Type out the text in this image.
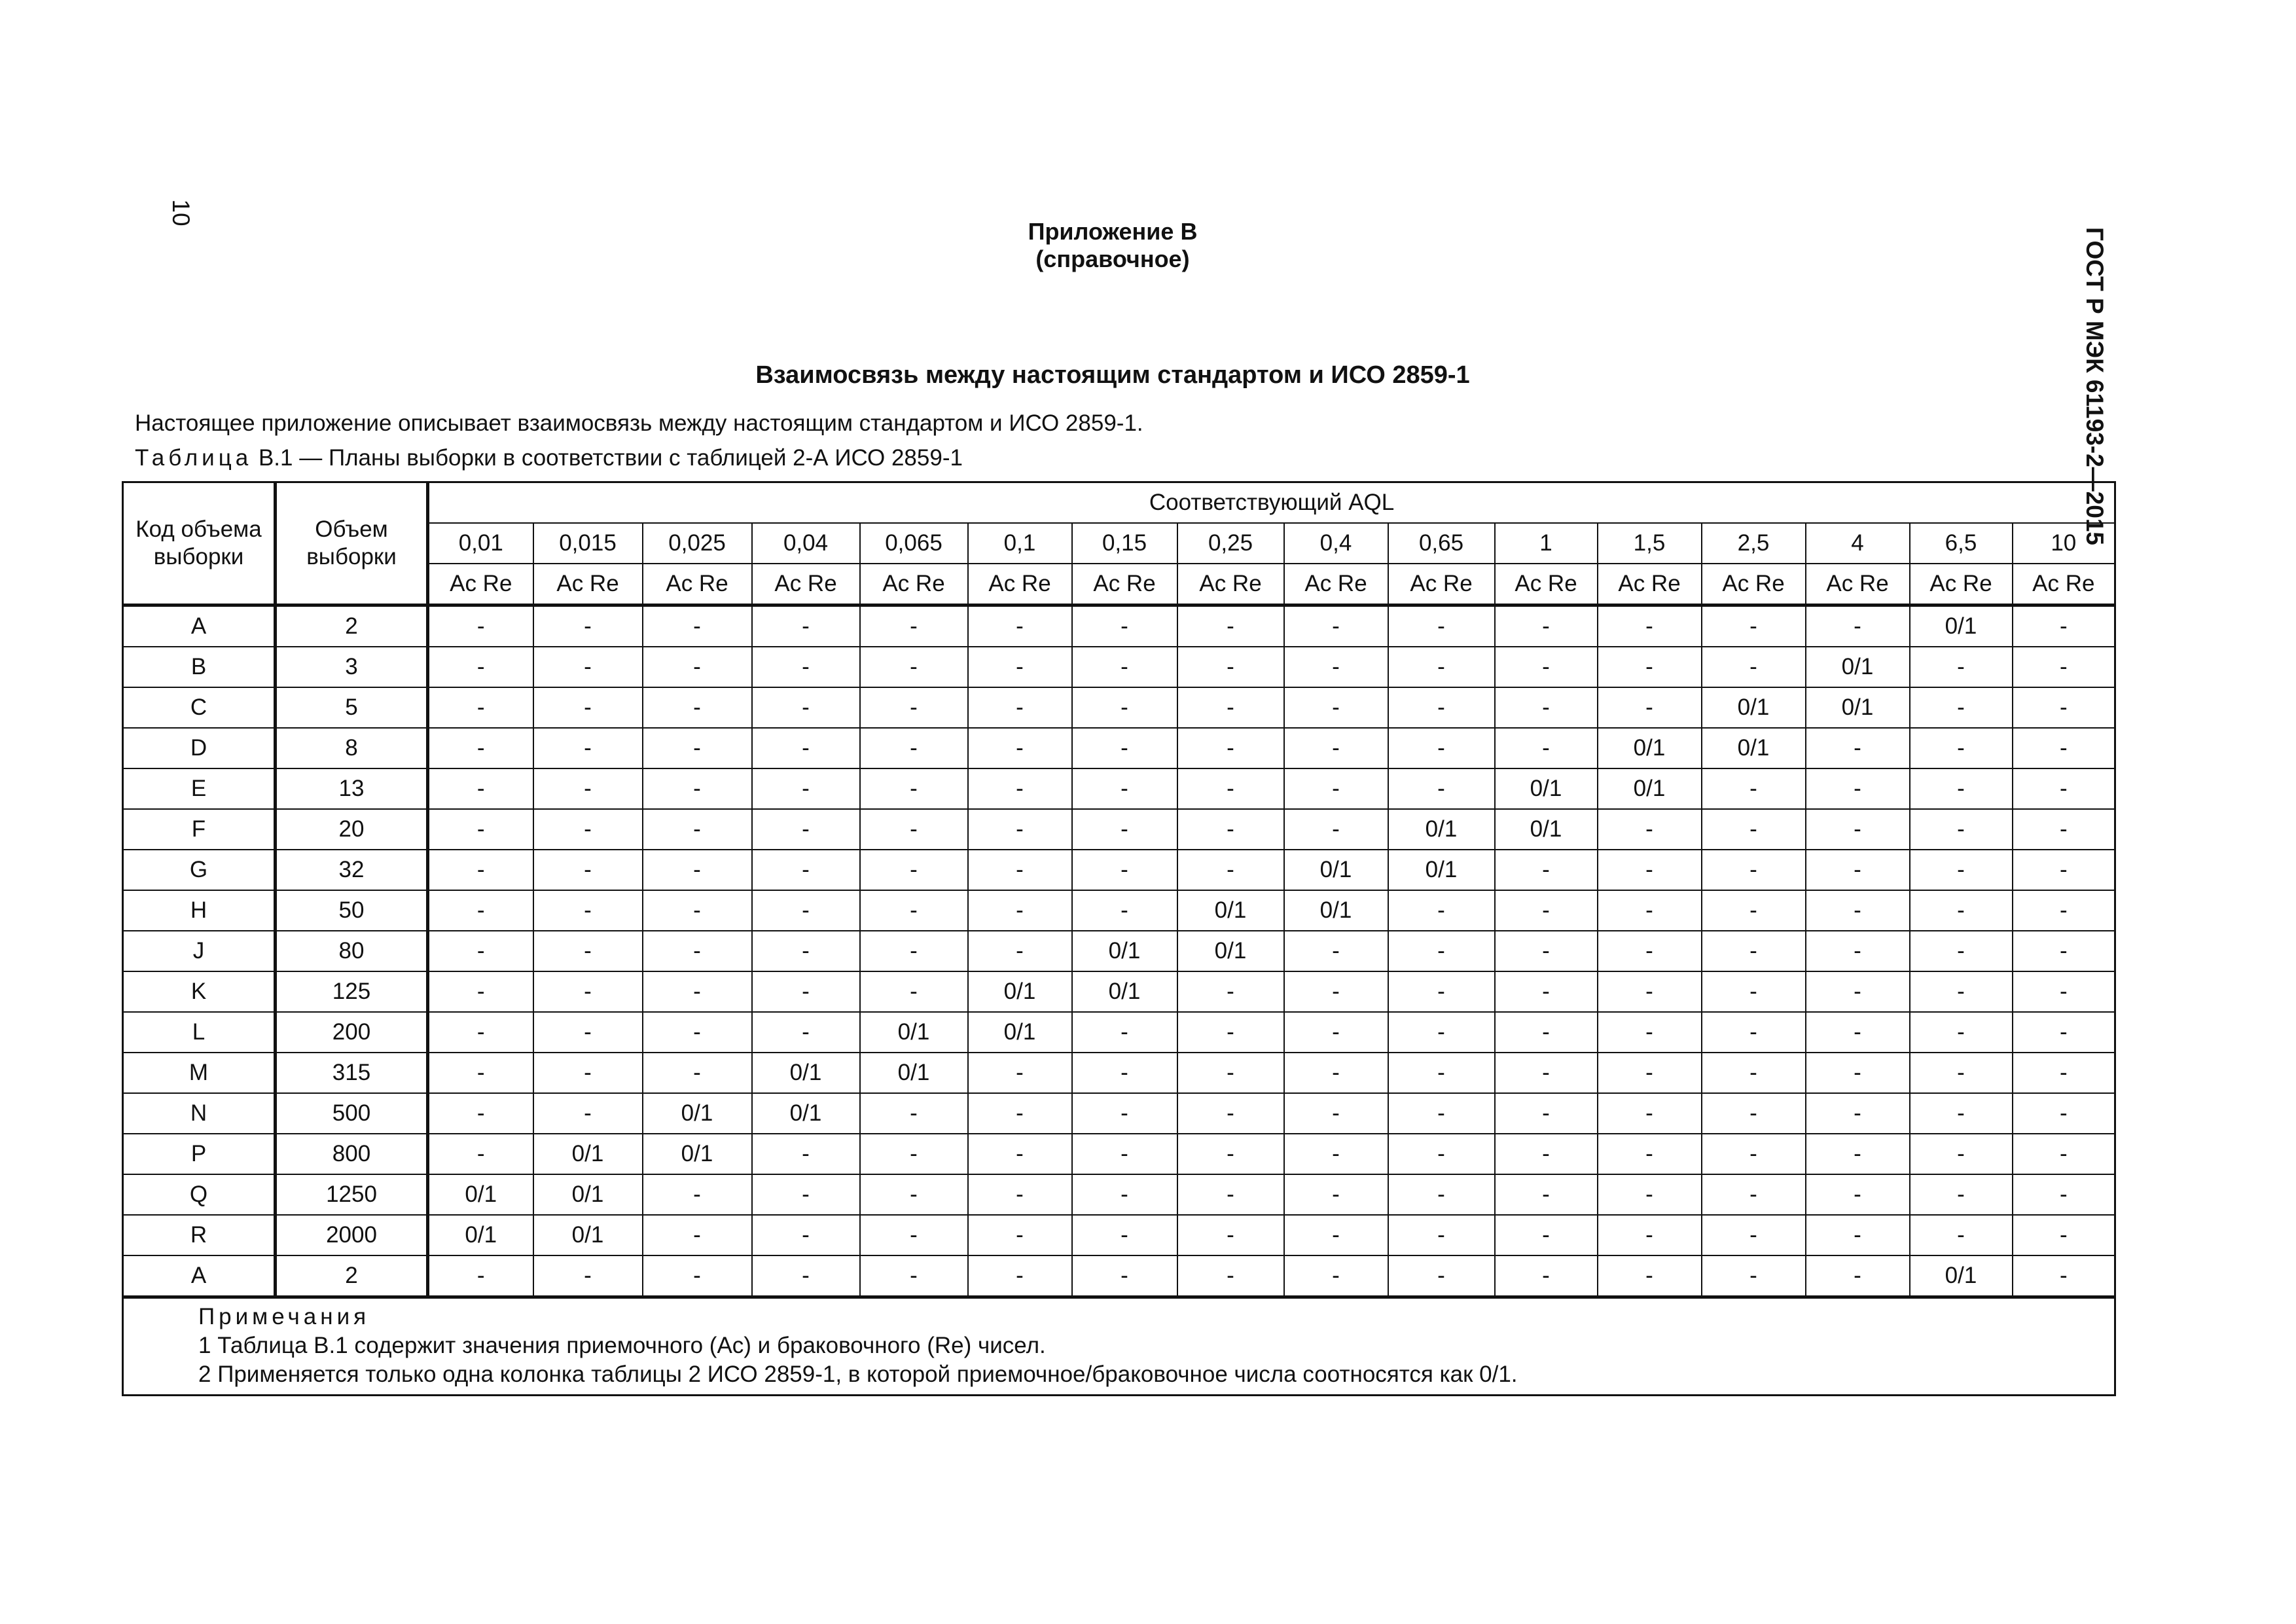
10
ГОСТ Р МЭК 61193-2—2015
Приложение В
(справочное)
Взаимосвязь между настоящим стандартом и ИСО 2859-1
Настоящее приложение описывает взаимосвязь между настоящим стандартом и ИСО 2859-1.
Таблица В.1 — Планы выборки в соответствии с таблицей 2-А ИСО 2859-1
Код объема выборки	Объем выборки	Соответствующий AQL															
		0,01	0,015	0,025	0,04	0,065	0,1	0,15	0,25	0,4	0,65	1	1,5	2,5	4	6,5	10
		Ac Re	Ac Re	Ac Re	Ac Re	Ac Re	Ac Re	Ac Re	Ac Re	Ac Re	Ac Re	Ac Re	Ac Re	Ac Re	Ac Re	Ac Re	Ac Re
A	2	-	-	-	-	-	-	-	-	-	-	-	-	-	-	0/1	-
B	3	-	-	-	-	-	-	-	-	-	-	-	-	-	0/1	-	-
C	5	-	-	-	-	-	-	-	-	-	-	-	-	0/1	0/1	-	-
D	8	-	-	-	-	-	-	-	-	-	-	-	0/1	0/1	-	-	-
E	13	-	-	-	-	-	-	-	-	-	-	0/1	0/1	-	-	-	-
F	20	-	-	-	-	-	-	-	-	-	0/1	0/1	-	-	-	-	-
G	32	-	-	-	-	-	-	-	-	0/1	0/1	-	-	-	-	-	-
H	50	-	-	-	-	-	-	-	0/1	0/1	-	-	-	-	-	-	-
J	80	-	-	-	-	-	-	0/1	0/1	-	-	-	-	-	-	-	-
K	125	-	-	-	-	-	0/1	0/1	-	-	-	-	-	-	-	-	-
L	200	-	-	-	-	0/1	0/1	-	-	-	-	-	-	-	-	-	-
M	315	-	-	-	0/1	0/1	-	-	-	-	-	-	-	-	-	-	-
N	500	-	-	0/1	0/1	-	-	-	-	-	-	-	-	-	-	-	-
P	800	-	0/1	0/1	-	-	-	-	-	-	-	-	-	-	-	-	-
Q	1250	0/1	0/1	-	-	-	-	-	-	-	-	-	-	-	-	-	-
R	2000	0/1	0/1	-	-	-	-	-	-	-	-	-	-	-	-	-	-
A	2	-	-	-	-	-	-	-	-	-	-	-	-	-	-	0/1	-

Примечания
1 Таблица В.1 содержит значения приемочного (Ac) и браковочного (Re) чисел.
2 Применяется только одна колонка таблицы 2 ИСО 2859-1, в которой приемочное/браковочное числа соотносятся как 0/1.																	
